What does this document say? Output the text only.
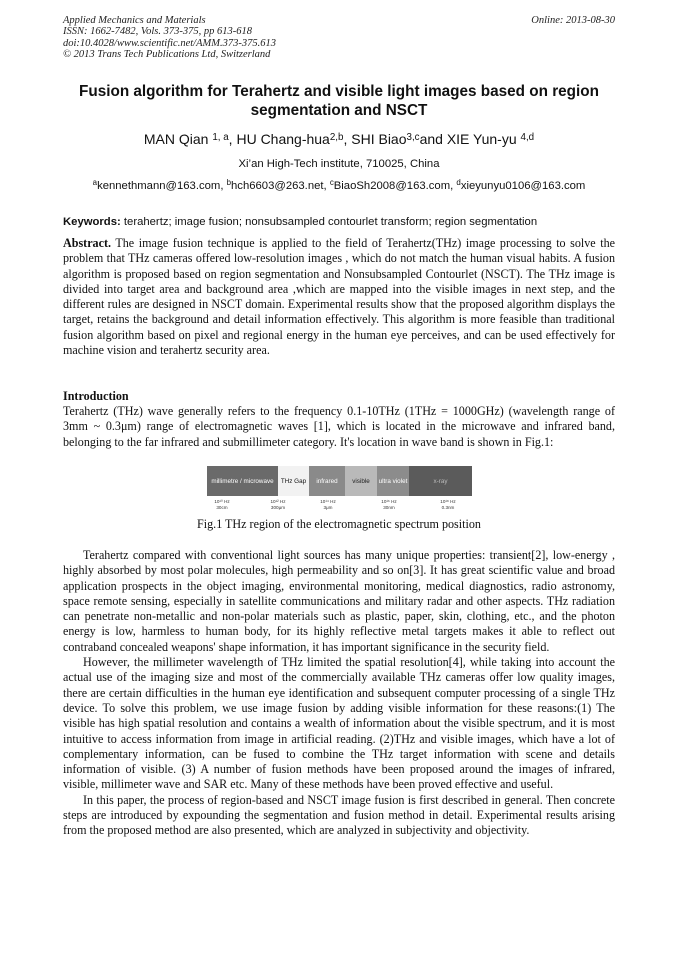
Applied Mechanics and Materials
ISSN: 1662-7482, Vols. 373-375, pp 613-618
doi:10.4028/www.scientific.net/AMM.373-375.613
© 2013 Trans Tech Publications Ltd, Switzerland
Online: 2013-08-30
Fusion algorithm for Terahertz and visible light images based on region segmentation and NSCT
MAN Qian $^{1, a}$, HU Chang-hua$^{2,b}$, SHI Biao$^{3,c}$and XIE Yun-yu $^{4,d}$
Xi’an High-Tech institute, 710025, China
$^a$kennethmann@163.com, $^b$hch6603@263.net, $^c$BiaoSh2008@163.com, $^d$xieyunyu0106@163.com
Keywords: terahertz; image fusion; nonsubsampled contourlet transform; region segmentation
Abstract. The image fusion technique is applied to the field of Terahertz(THz) image processing to solve the problem that THz cameras offered low-resolution images , which do not match the human visual habits. A fusion algorithm is proposed based on region segmentation and Nonsubsampled Contourlet (NSCT). The THz image is divided into target area and background area ,which are mapped into the visible images in next step, and the different rules are designed in NSCT domain. Experimental results show that the proposed algorithm displays the target, retains the background and detail information effectively. This algorithm is more feasible than traditional fusion algorithm based on pixel and regional energy in the human eye perceives, and can be used effectively for machine vision and terahertz security area.
Introduction
Terahertz (THz) wave generally refers to the frequency 0.1-10THz (1THz = 1000GHz) (wavelength range of 3mm ~ 0.3μm) range of electromagnetic waves [1], which is located in the microwave and infrared band, belonging to the far infrared and submillimeter category. It's location in wave band is shown in Fig.1:
millimetre / microwave THz Gap infrared visible ultra violet	x-ray
10¹⁰ Hz
30cm
10¹² Hz
300μm
10¹⁴ Hz
3μm
10¹⁶ Hz
30nm
10¹⁸ Hz
0.3nm
Fig.1 THz region of the electromagnetic spectrum position

Terahertz compared with conventional light sources has many unique properties: transient[2], low-energy , highly absorbed by most polar molecules, high permeability and so on[3]. It has great scientific value and broad application prospects in the object imaging, environmental monitoring, medical diagnostics, radio astronomy, space remote sensing, especially in satellite communications and military radar and other aspects. THz radiation can penetrate non-metallic and non-polar materials such as plastic, paper, skin, clothing, etc., and the photon energy is low, harmless to human body, for its highly reflective metal targets makes it able to reflect out contraband concealed weapons' shape information, it has important significance in the security field.

However, the millimeter wavelength of THz limited the spatial resolution[4], while taking into account the actual use of the imaging size and most of the commercially available THz cameras offer low quality images, there are certain difficulties in the human eye identification and subsequent computer processing of a single THz device. To solve this problem, we use image fusion by adding visible information for these reasons:(1) The visible has high spatial resolution and contains a wealth of information about the visible spectrum, and it is most intuitive to access information from image in artificial reading. (2)THz and visible images, which have a lot of complementary information, can be fused to combine the THz target information with scene and details information of visible. (3) A number of fusion methods have been proposed around the images of infrared, visible, millimeter wave and SAR etc. Many of these methods have been proved effective and useful.

In this paper, the process of region-based and NSCT image fusion is first described in general. Then concrete steps are introduced by expounding the segmentation and fusion method in detail. Experimental results arising from the proposed method are also presented, which are analyzed in subjectivity and objectivity.
